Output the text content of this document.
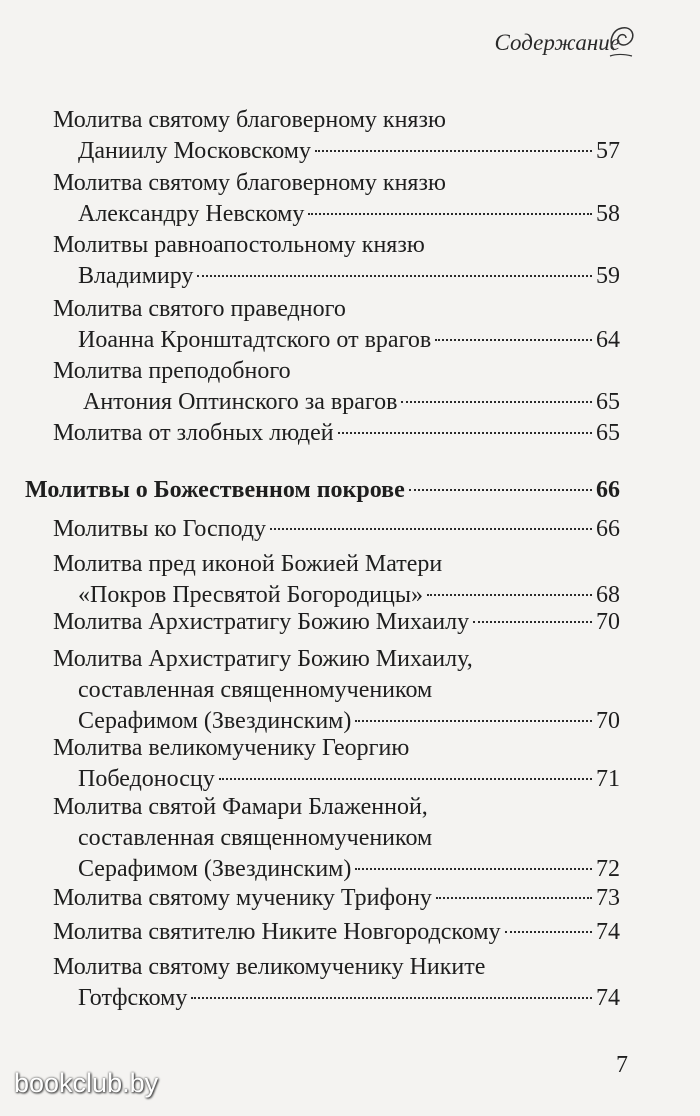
Содержание
Молитва святому благоверному князю
Даниилу Московскому	57
Молитва святому благоверному князю
Александру Невскому	58
Молитвы равноапостольному князю
Владимиру	59
Молитва святого праведного
Иоанна Кронштадтского от врагов	64
Молитва преподобного
Антония Оптинского за врагов	65
Молитва от злобных людей	65
Молитвы о Божественном покрове	66
Молитвы ко Господу	66
Молитва пред иконой Божией Матери
«Покров Пресвятой Богородицы»	68
Молитва Архистратигу Божию Михаилу	70
Молитва Архистратигу Божию Михаилу,
составленная священномучеником
Серафимом (Звездинским)	70
Молитва великомученику Георгию
Победоносцу	71
Молитва святой Фамари Блаженной,
составленная священномучеником
Серафимом (Звездинским)	72
Молитва святому мученику Трифону	73
Молитва святителю Никите Новгородскому	74
Молитва святому великомученику Никите
Готфскому	74
7
bookclub.by
